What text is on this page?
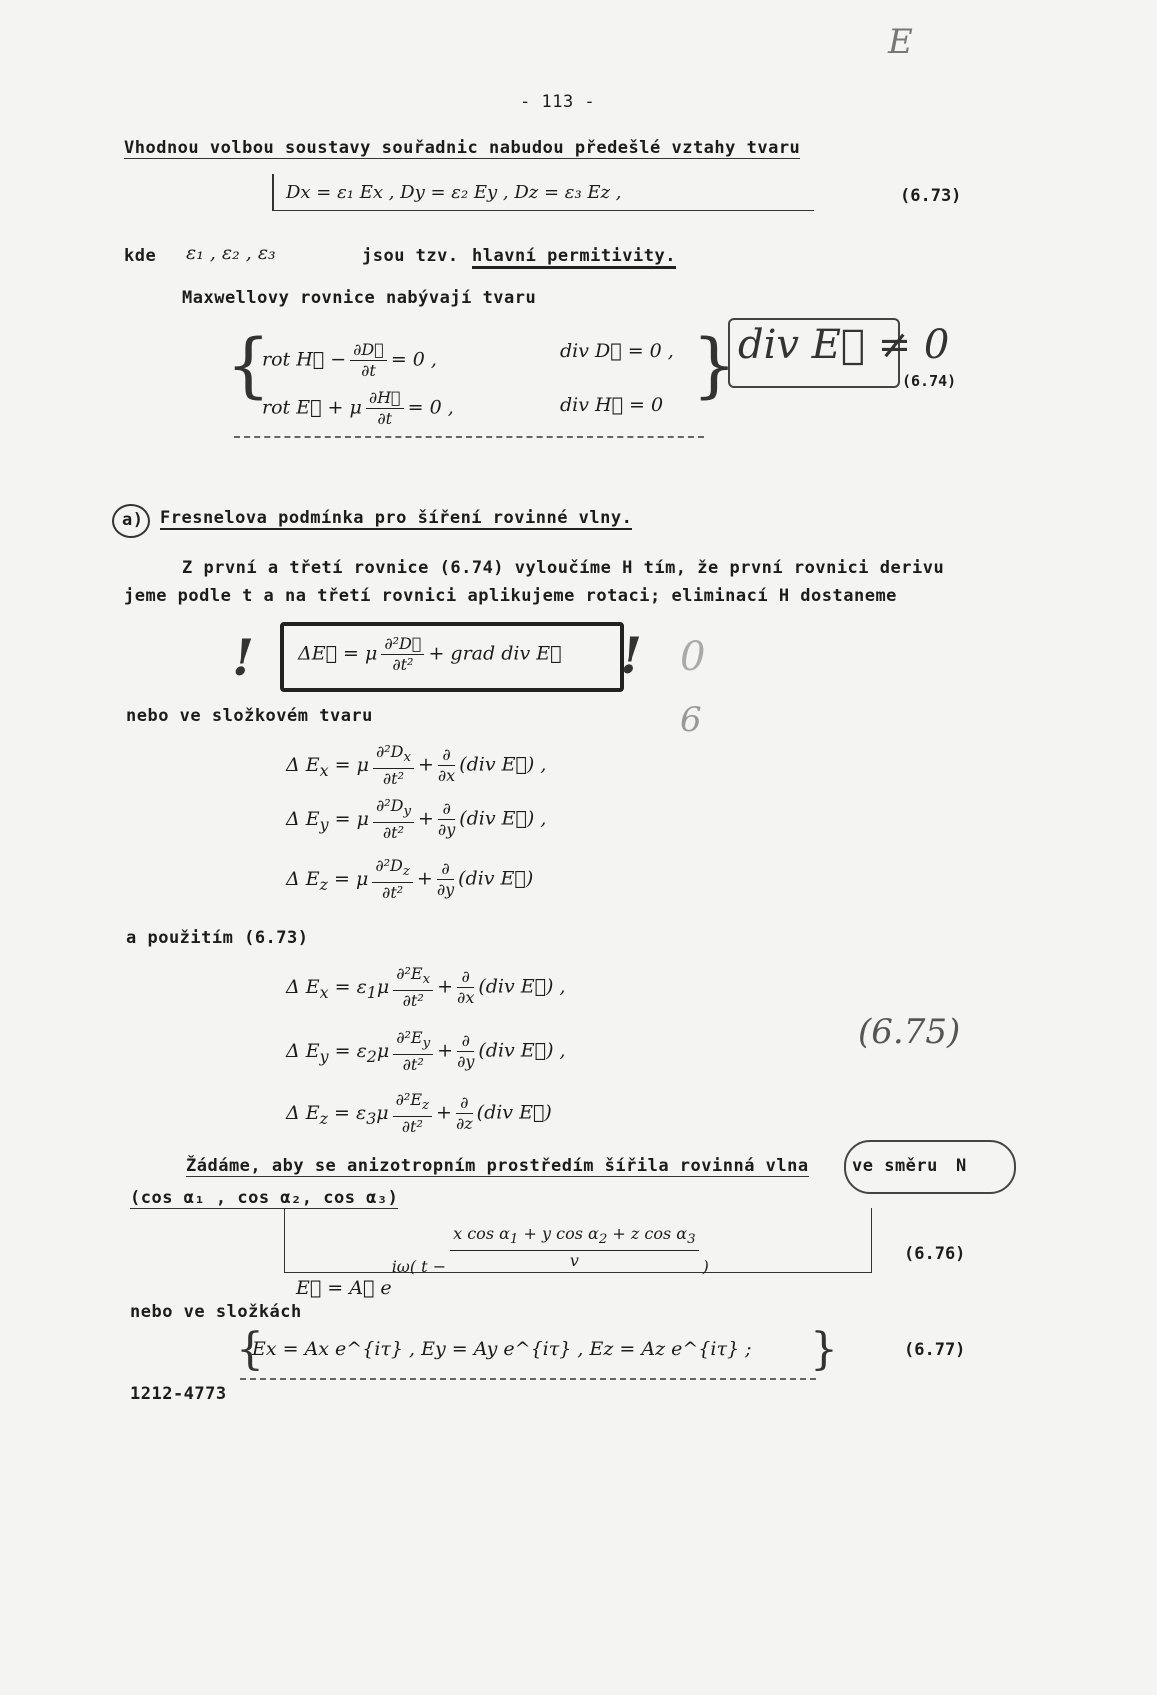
E
- 113 -
Vhodnou volbou soustavy souřadnic nabudou předešlé vztahy tvaru
Dx = ε₁ Ex , Dy = ε₂ Ey , Dz = ε₃ Ez ,	(6.73)
kde ε₁ , ε₂ , ε₃	jsou tzv. hlavní permitivity.
Maxwellovy rovnice nabývají tvaru
{
rot H⃗ − $\frac{\partial D⃗}{\partial t} = 0$ ,	div D⃗ = 0 ,
rot E⃗ + μ $\frac{\partial H⃗}{\partial t} = 0$ ,	div H⃗ = 0 } div E⃗ ≠ 0
(6.74)
a) Fresnelova podmínka pro šíření rovinné vlny.
Z první a třetí rovnice (6.74) vyloučíme H tím, že první rovnici derivu
jeme podle t a na třetí rovnici aplikujeme rotaci; eliminací H dostaneme
! ΔE⃗ = μ $\frac{\text{∂²D⃗}}{\text{∂t²}}$ + grad div E⃗ ! 0
6
nebo ve složkovém tvaru
Δ $E_x = \mu \frac{\partial^2D_x}{\text{∂t²}} + \frac{\partial}{\partial x} (div$ E⃗) ,
Δ $E_y = \mu \frac{\partial^2D_y}{\text{∂t²}} + \frac{\partial}{\partial y} (div$ E⃗) ,
Δ $E_z = \mu \frac{\partial^2D_z}{\text{∂t²}} + \frac{\partial}{\partial y} (div$ E⃗)
a použitím (6.73)
Δ $E_x = \varepsilon_1\mu \frac{\partial^2E_x}{\text{∂t²}} + \frac{\partial}{\partial x} (div$ E⃗) ,
Δ $E_y = \varepsilon_2\mu \frac{\partial^2E_y}{\text{∂t²}} + \frac{\partial}{\partial y} (div$ E⃗) ,
Δ $E_z = \varepsilon_3\mu \frac{\partial^2E_z}{\text{∂t²}} + \frac{\partial}{\partial z} (div$ E⃗)
(6.75)
Žádáme, aby se anizotropním prostředím šířila rovinná vlna	ve směru N
(cos α₁ , cos α₂, cos α₃)
E⃗ = A⃗ $e^{i\omega( t -} \frac{x \cos \alpha_1 + y \cos \alpha_2 + z \cos \alpha_3}{v} ^)$
(6.76)
nebo ve složkách
{
Ex = Ax e^{iτ} , Ey = Ay e^{iτ} , Ez = Az e^{iτ} ; }	(6.77)
1212-4773
